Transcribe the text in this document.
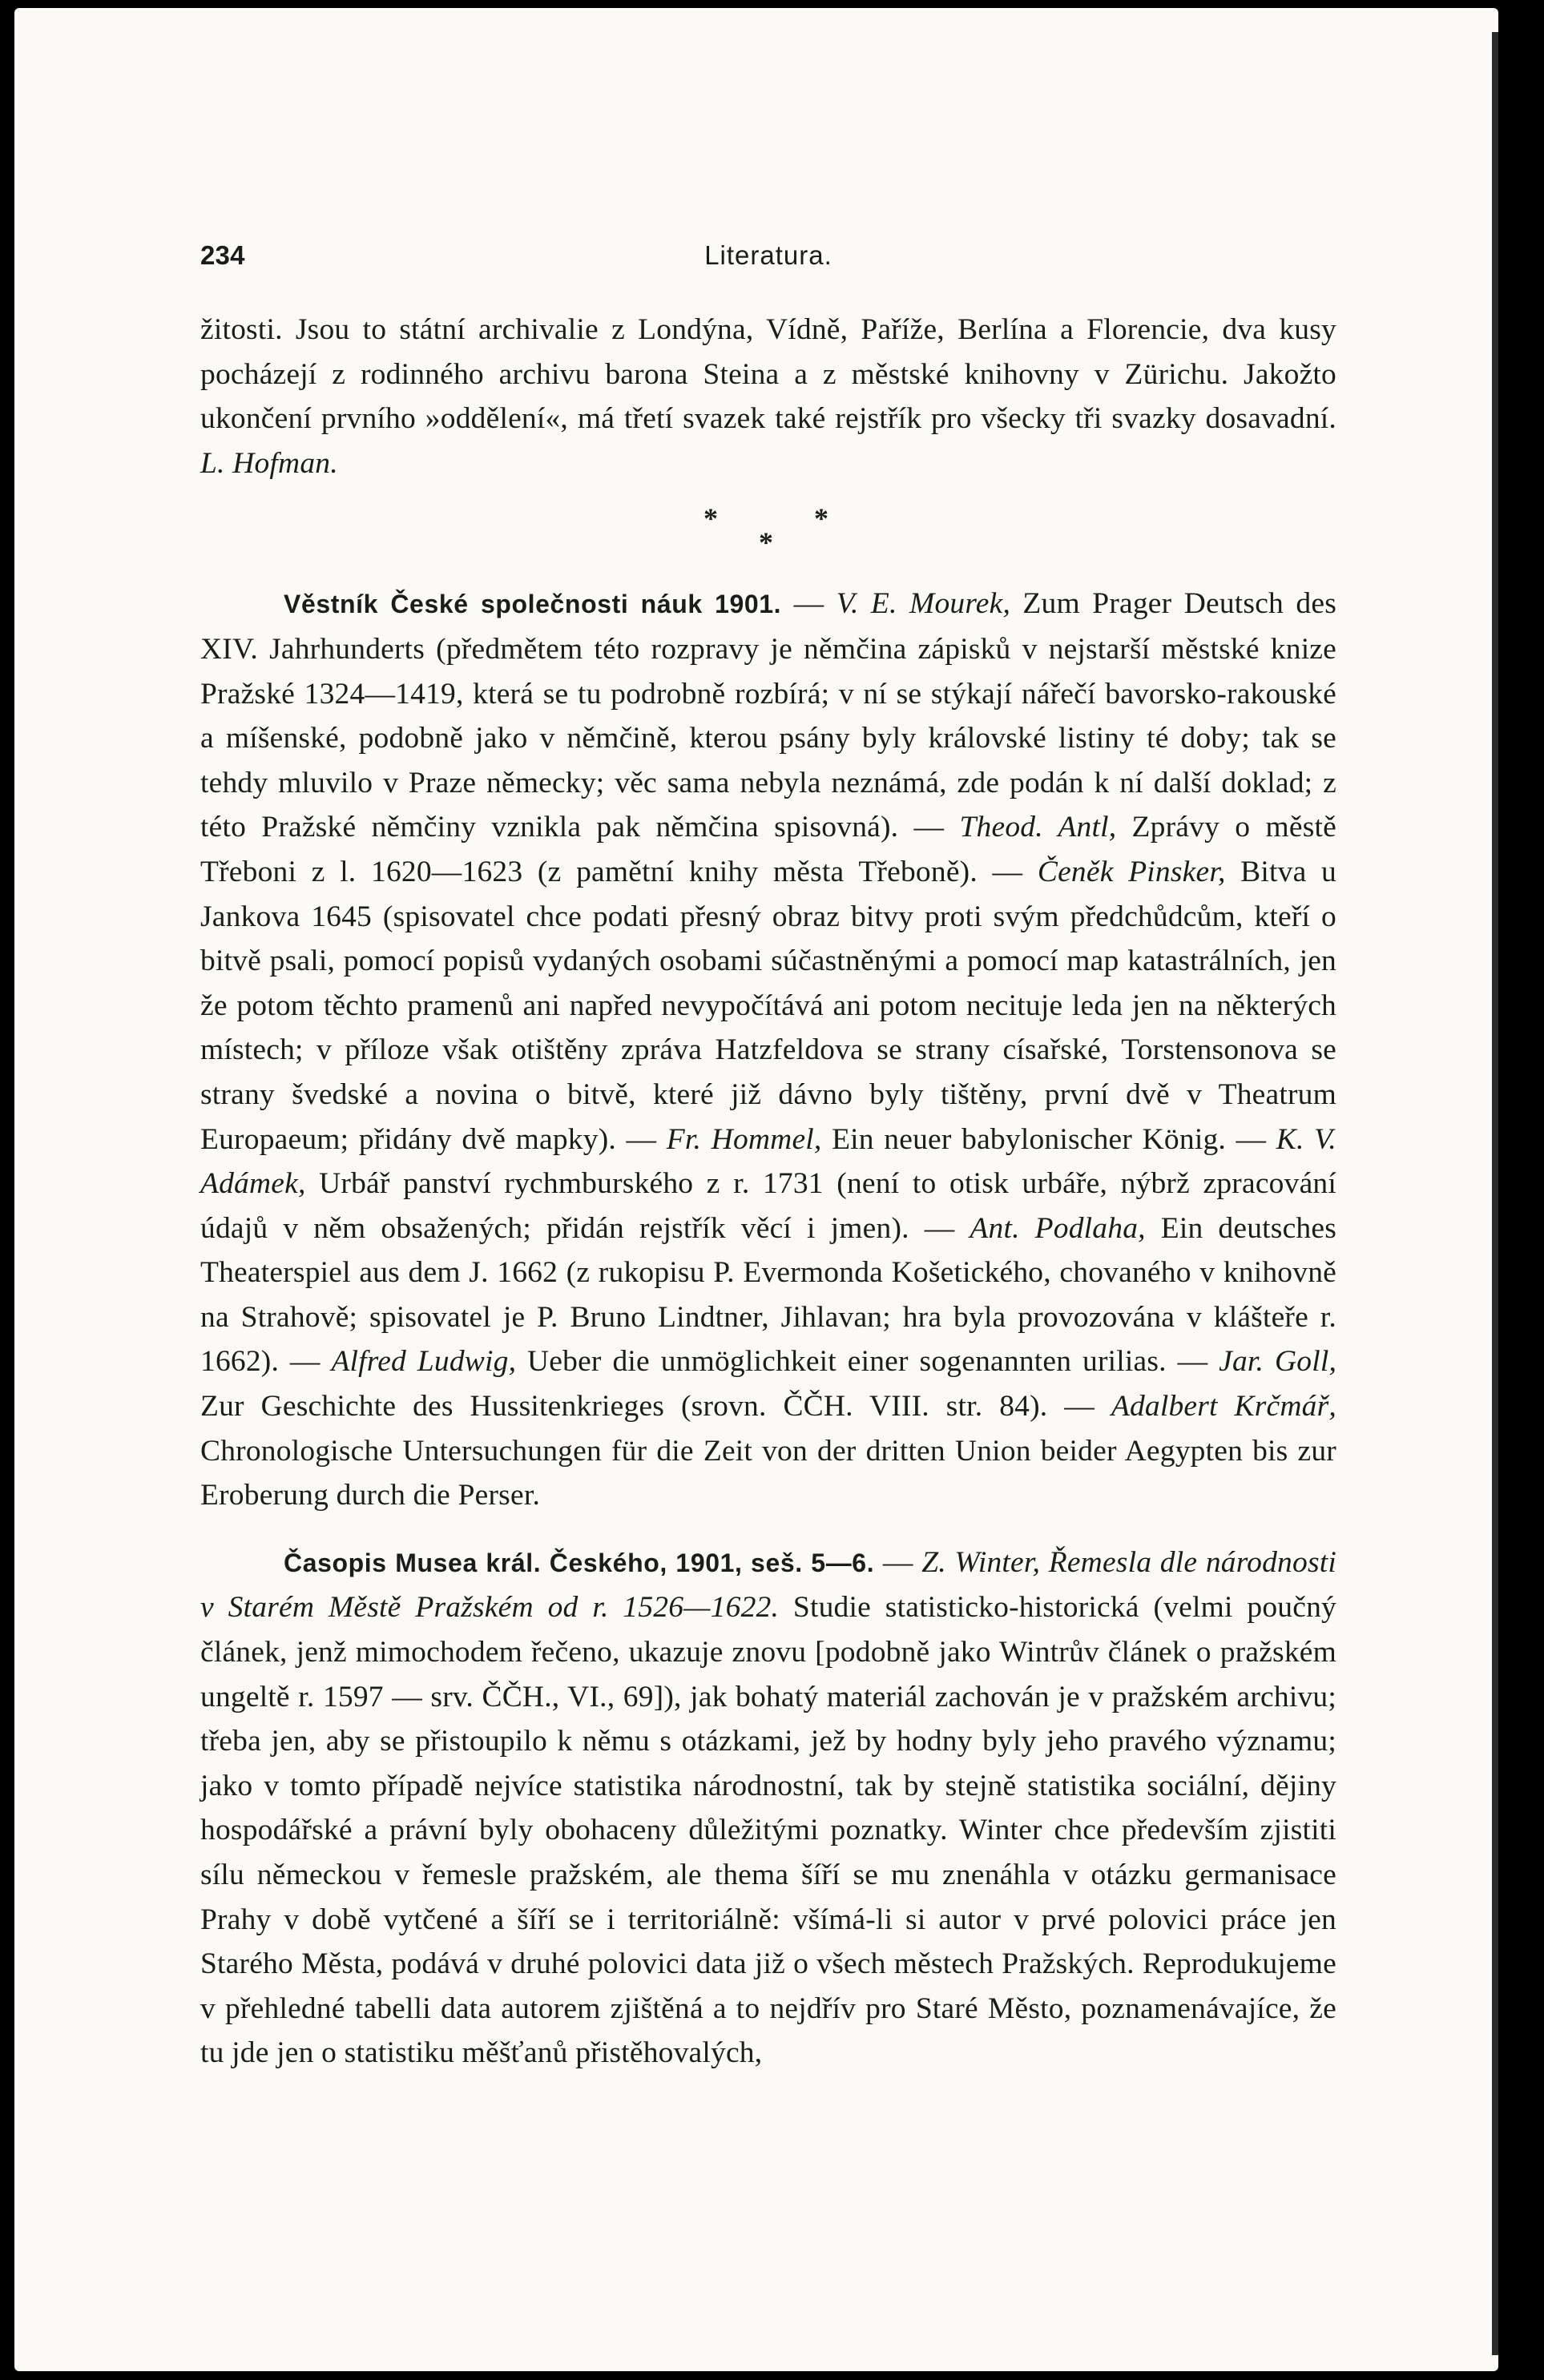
234	Literatura.

žitosti. Jsou to státní archivalie z Londýna, Vídně, Paříže, Berlína a Florencie, dva kusy pocházejí z rodinného archivu barona Steina a z městské knihovny v Zürichu. Jakožto ukončení prvního »oddělení«, má třetí svazek také rejstřík pro všecky tři svazky dosavadní. L. Hofman.

*	*
*

Věstník České společnosti náuk 1901. — V. E. Mourek, Zum Prager Deutsch des XIV. Jahrhunderts (předmětem této rozpravy je němčina zápisků v nejstarší městské knize Pražské 1324—1419, která se tu podrobně rozbírá; v ní se stýkají nářečí bavorsko-rakouské a míšenské, podobně jako v němčině, kterou psány byly královské listiny té doby; tak se tehdy mluvilo v Praze německy; věc sama nebyla neznámá, zde podán k ní další doklad; z této Pražské němčiny vznikla pak němčina spisovná). — Theod. Antl, Zprávy o městě Třeboni z l. 1620—1623 (z pamětní knihy města Třeboně). — Čeněk Pinsker, Bitva u Jankova 1645 (spisovatel chce podati přesný obraz bitvy proti svým předchůdcům, kteří o bitvě psali, pomocí popisů vydaných osobami súčastněnými a pomocí map katastrálních, jen že potom těchto pramenů ani napřed nevypočítává ani potom necituje leda jen na některých místech; v příloze však otištěny zpráva Hatzfeldova se strany císařské, Torstensonova se strany švedské a novina o bitvě, které již dávno byly tištěny, první dvě v Theatrum Europaeum; přidány dvě mapky). — Fr. Hommel, Ein neuer babylonischer König. — K. V. Adámek, Urbář panství rychmburského z r. 1731 (není to otisk urbáře, nýbrž zpracování údajů v něm obsažených; přidán rejstřík věcí i jmen). — Ant. Podlaha, Ein deutsches Theaterspiel aus dem J. 1662 (z rukopisu P. Evermonda Košetického, chovaného v knihovně na Strahově; spisovatel je P. Bruno Lindtner, Jihlavan; hra byla provozována v klášteře r. 1662). — Alfred Ludwig, Ueber die unmöglichkeit einer sogenannten urilias. — Jar. Goll, Zur Geschichte des Hussitenkrieges (srovn. ČČH. VIII. str. 84). — Adalbert Krčmář, Chronologische Untersuchungen für die Zeit von der dritten Union beider Aegypten bis zur Eroberung durch die Perser.

Časopis Musea král. Českého, 1901, seš. 5—6. — Z. Winter, Řemesla dle národnosti v Starém Městě Pražském od r. 1526—1622. Studie statisticko-historická (velmi poučný článek, jenž mimochodem řečeno, ukazuje znovu [podobně jako Wintrův článek o pražském ungeltě r. 1597 — srv. ČČH., VI., 69]), jak bohatý materiál zachován je v pražském archivu; třeba jen, aby se přistoupilo k němu s otázkami, jež by hodny byly jeho pravého významu; jako v tomto případě nejvíce statistika národnostní, tak by stejně statistika sociální, dějiny hospodářské a právní byly obohaceny důležitými poznatky. Winter chce především zjistiti sílu německou v řemesle pražském, ale thema šíří se mu znenáhla v otázku germanisace Prahy v době vytčené a šíří se i territoriálně: všímá-li si autor v prvé polovici práce jen Starého Města, podává v druhé polovici data již o všech městech Pražských. Reprodukujeme v přehledné tabelli data autorem zjištěná a to nejdřív pro Staré Město, poznamenávajíce, že tu jde jen o statistiku měšťanů přistěhovalých,
